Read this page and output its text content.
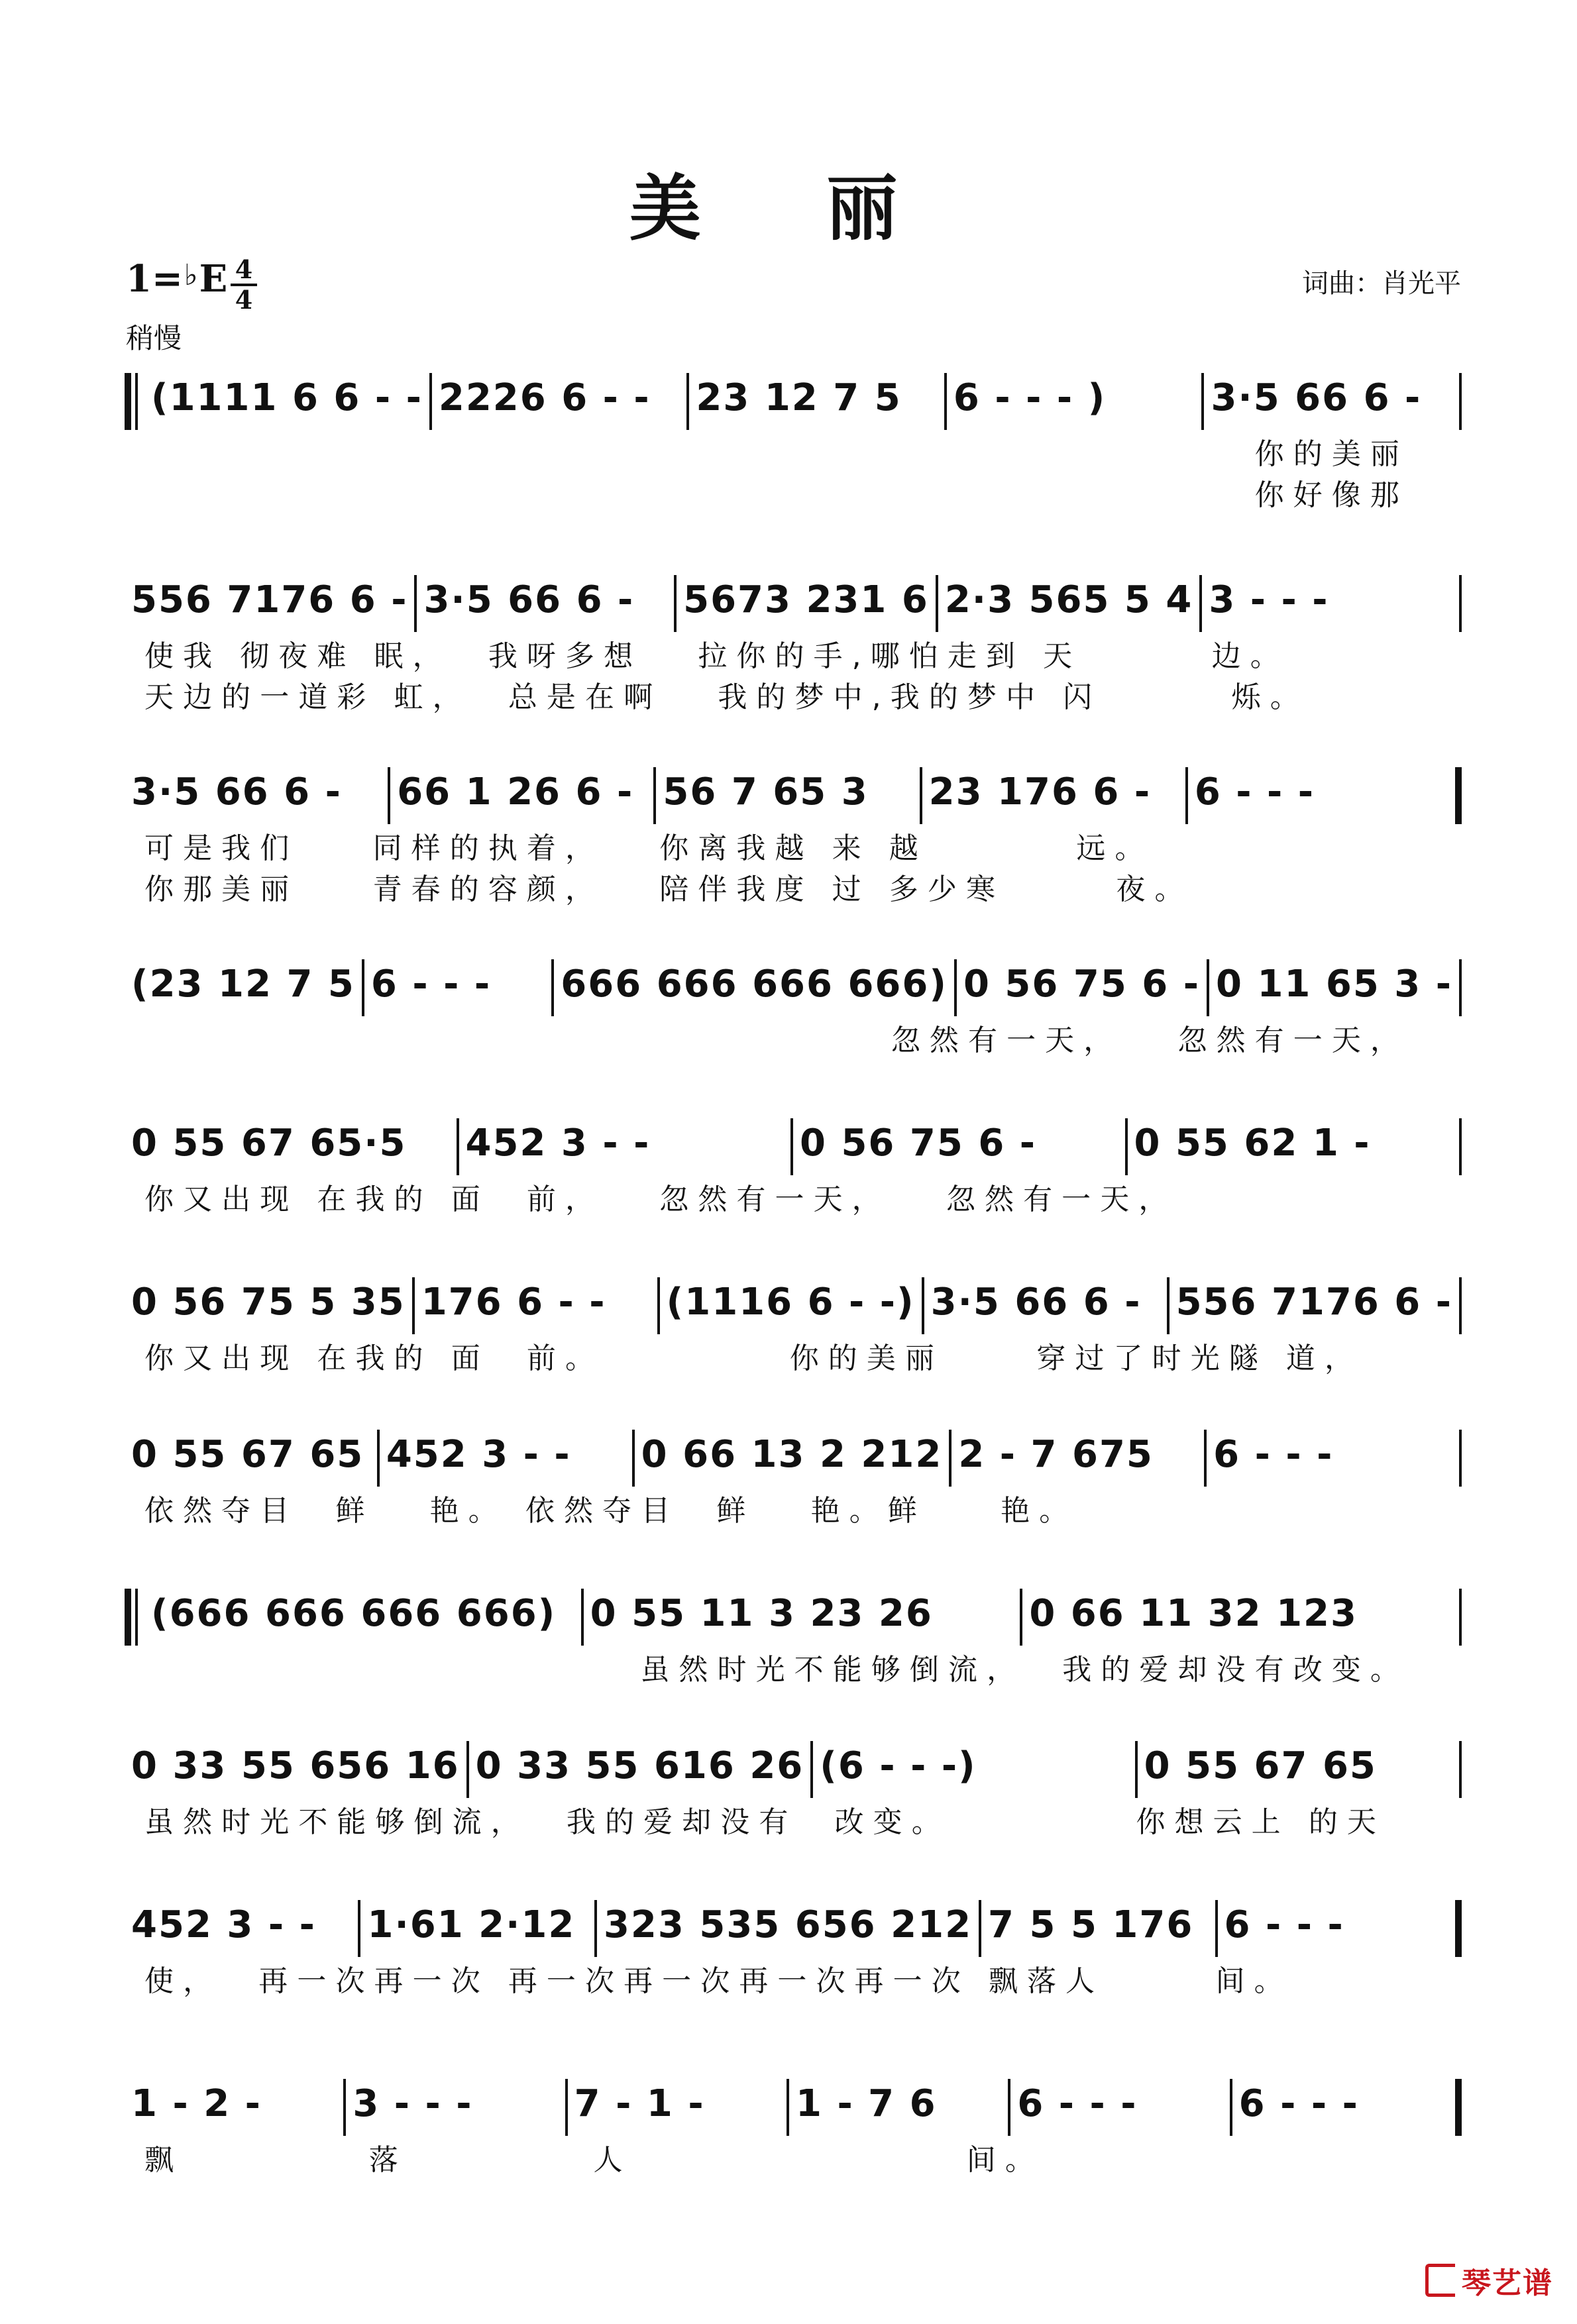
美 丽
1=♭E 4
4
词曲：肖光平
稍慢
(1111 6 6 - - 2226 6 - - 23 12 7 5 6 - - - )	3·5 66 6 -
你的美丽
你好像那
556 7176 6 - 3·5 66 6 - 5673 231 6 2·3 565 5 4 3 - - -
使我 彻夜难 眠，  我呀多想   拉你的手,哪怕走到 天       边。
天边的一道彩 虹，  总是在啊   我的梦中,我的梦中 闪       烁。
3·5 66 6 - 66 1 26 6 - 56 7 65 3 23 176 6 - 6 - - -
可是我们    同样的执着，   你离我越 来 越        远。
你那美丽    青春的容颜，   陪伴我度 过 多少寒      夜。
(23 12 7 5 6 - - - 666 666 666 666) 0 56 75 6 - 0 11 65 3 -
忽然有一天，   忽然有一天，
0 55 67 65·5 452 3 - -	0 56 75 6 -	0 55 62 1 -
你又出现 在我的 面  前，   忽然有一天，   忽然有一天，
0 56 75 5 35 176 6 - - (1116 6 - -) 3·5 66 6 - 556 7176 6 -
你又出现 在我的 面  前。          你的美丽     穿过了时光隧 道，
0 55 67 65 452 3 - - 0 66 13 2 212 2 - 7 675 6 - - -
依然夺目  鲜   艳。 依然夺目  鲜   艳。鲜    艳。
(666 666 666 666) 0 55 11 3 23 26	0 66 11 32 123
虽然时光不能够倒流，  我的爱却没有改变。
0 33 55 656 16 0 33 55 616 26 (6 - - -)	0 55 67 65
虽然时光不能够倒流，  我的爱却没有  改变。          你想云上 的天
452 3 - - 1·61 2·12 323 535 656 212 7 5 5 176 6 - - -
使，  再一次再一次 再一次再一次再一次再一次 飘落人      间。
1 - 2 - 3 - - -	7 - 1 - 1 - 7 6 6 - - -	6 - - -
飘          落          人                  间。
琴艺谱
